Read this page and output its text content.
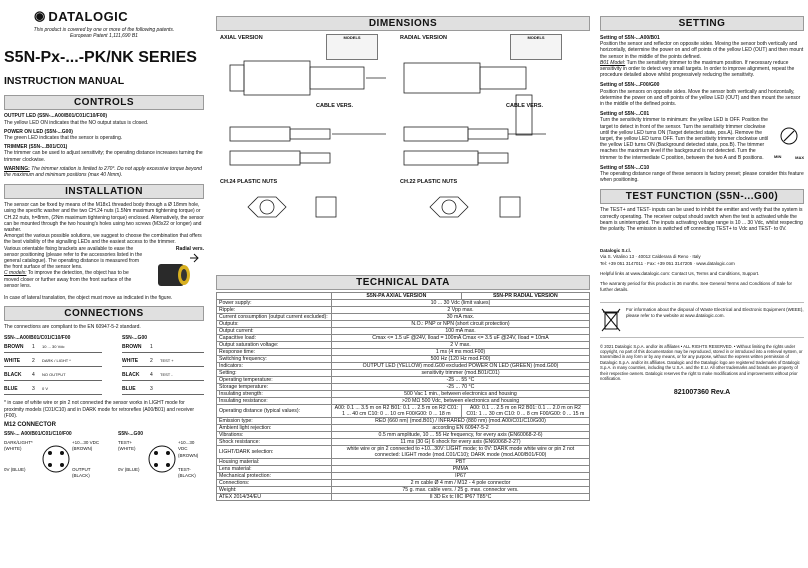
◉ DATALOGIC

This product is covered by one or more of the following patents.

European Patent 1,111,690 B1

S5N-Px-...-PK/NK SERIES
INSTRUCTION MANUAL
CONTROLS

OUTPUT LED (S5N-...A00/B01/C01/C10/F00)

The yellow LED ON indicates that the NO output status is closed.

POWER ON LED (S5N-...G00)

The green LED indicates that the sensor is operating.

TRIMMER (S5N-...B01/C01)

The trimmer can be used to adjust sensitivity; the operating distance increases turning the trimmer clockwise.

WARNING: The trimmer rotation is limited to 270°. Do not apply excessive torque beyond the maximum and minimum positions (max 40 Nmm).

INSTALLATION

The sensor can be fixed by means of the M18x1 threaded body through a Ø 18mm hole, using the specific washer and the two CH.24 nuts (1.5Nm maximum tightening torque) or CH.22 nuts, h=8mm, (2Nm maximum tightening torque) enclosed. Alternatively, the sensor can be mounted through the two housing's holes using two screws (M3x22 or longer) and washer.

Amongst the various possible solutions, we suggest to choose the combination that offers the best visibility of the signalling LEDs and the easiest access to the trimmer.

Various orientable fixing brackets are available to ease the sensor positioning (please refer to the accessories listed in the general catalogue). The operating distance is measured from the front surface of the sensor lens.

C models: To improve the detection, the object has to be moved closer or further away from the front surface of the sensor lens.

Radial vers.

In case of lateral translation, the object must move as indicated in the figure.

CONNECTIONS

The connections are compliant to the EN 60947-5-2 standard.

S5N-...A00/B01/C01/C10/F00
BROWN	1	10 ... 30 Vdc
WHITE	2	DARK / LIGHT *
BLACK	4	NO OUTPUT
BLUE	3	0 V
S5N-...G00
BROWN	1
WHITE	2	TEST +
BLACK	4	TEST -
BLUE	3

* in case of white wire or pin 2 not connected the sensor works in LIGHT mode for proximity models (C01/C10) and in DARK mode for retroreflex (A00/B01) and receiver (F00).

M12 CONNECTOR
S5N-... A00/B01/C01/C10/F00
DARK/LIGHT* (WHITE)
+10...30 VDC (BROWN)
0V (BLUE)	OUTPUT (BLACK)
S5N-...G00
TEST+ (WHITE)
+10...30 VDC (BROWN)
0V (BLUE)	TEST- (BLACK)
DIMENSIONS
AXIAL VERSION	RADIAL VERSION
MODELS	MODELS
CABLE VERS.	CABLE VERS.
CH.24 PLASTIC NUTS	CH.22 PLASTIC NUTS
TECHNICAL DATA
	S5N-PA AXIAL VERSION	S5N-PR RADIAL VERSION
Power supply:	10 ... 30 Vdc (limit values)	
Ripple:	2 Vpp max.	
Current consumption (output current excluded):	30 mA max.	
Outputs:	N.O.: PNP or NPN (short circuit protection)	
Output current:	100 mA max.	
Capacitive load:	Cmax <= 1.5 uF @24V, Iload = 100mA Cmax <= 3.5 uF @24V, Iload = 10mA	
Output saturation voltage:	2 V max.	
Response time:	1 ms (4 ms mod.F00)	
Switching frequency:	500 Hz (120 Hz mod.F00)	
Indicators:	OUTPUT LED (YELLOW) mod.G00 excluded POWER ON LED (GREEN) (mod.G00)	
Setting:	sensitivity trimmer (mod.B01/C01)	
Operating temperature:	-25 ... 55 °C	
Storage temperature:	-25 ... 70 °C	
Insulating strength:	500 Vac 1 min., between electronics and housing	
Insulating resistance:	>20 MΩ 500 Vdc, between electronics and housing	
Operating distance (typical values):	A00: 0.1 ... 3.5 m on R2 B01: 0.1 ... 2.5 m on R2 C01: 1 ... 40 cm C10: 0 ... 10 cm F00/G00: 0 ... 18 m	A00: 0.1 ... 2.5 m on R2 B01: 0.1 ... 2.0 m on R2 C01: 1 ... 30 cm C10: 0 ... 8 cm F00/G00: 0 ... 15 m
Emission type:	RED (660 nm) (mod.B01) / INFRARED (880 nm) (mod.A00/C01/C10/G00)	
Ambient light rejection:	according EN 60947-5-2	
Vibrations:	0.5 mm amplitude, 10 ... 55 Hz frequency, for every axis (EN60068-2-6)	
Shock resistance:	11 ms (30 G) 6 shock for every axis (EN60068-2-27)	
LIGHT/DARK selection:	white wire or pin 2 connected to +10...30V: LIGHT mode; to 0V: DARK mode white wire or pin 2 not connected: LIGHT mode (mod.C01/C10); DARK mode (mod.A00/B01/F00)	
Housing material:	PBT	
Lens material:	PMMA	
Mechanical protection:	IP67	
Connections:	2 m cable Ø 4 mm / M12 - 4 pole connector	
Weight:	75 g. max. cable vers. / 25 g. max. connector vers.	
ATEX 2014/34/EU	II 3D Ex tc IIIC IP67 T85°C	
SETTING

Setting of S5N-...A00/B01

Position the sensor and reflector on opposite sides. Moving the sensor both vertically and horizontally, determine the power on and off points of the yellow LED (OUT) and then mount the sensor in the middle of the points defined.

B01 Model: Turn the sensitivity trimmer to the maximum position. If necessary reduce sensitivity in order to detect very small targets. In order to improve alignment, repeat the procedure detailed above whilst progressively reducing the sensitivity.

Setting of S5N-...F00/G00

Position the sensors on opposite sides. Move the sensor both vertically and horizontally, determine the power on and off points of the yellow LED (OUT) and then mount the sensor in the middle of the defined points.

Setting of S5N-...C01

Turn the sensitivity trimmer to minimum: the yellow LED is OFF. Position the target to detect in front of the sensor. Turn the sensitivity trimmer clockwise until the yellow LED turns ON (Target detected state, pos.A). Remove the target, the yellow LED turns OFF. Turn the sensitivity trimmer clockwise until the yellow LED turns ON (Background detected state, pos.B). The trimmer reaches the maximum level if the background is not detected. Turn the trimmer to the intermediate C position, between the two A and B positions.	MIN	MAX

Setting of S5N-...C10

The operating distance range of these sensors is factory preset; please consider this feature when positioning.

TEST FUNCTION (S5N-...G00)

The TEST+ and TEST- inputs can be used to inhibit the emitter and verify that the system is correctly operating. The receiver output should switch when the test is activated while the beam is uninterrupted. The inputs activating voltage range is 10 ... 30 Vdc, whilst respecting the polarity. The emission is switched off connecting TEST+ to Vdc and TEST- to 0V.

Datalogic S.r.l.

Via S. Vitalino 13 · 40012 Calderara di Reno · Italy

Tel: +39 051 3147011 · Fax: +39 051 3147205 · www.datalogic.com

Helpful links at www.datalogic.com: Contact Us, Terms and Conditions, Support.

The warranty period for this product is 36 months. See General Terms and Conditions of Sale for further details.

For information about the disposal of Waste Electrical and Electronic Equipment (WEEE), please refer to the website at www.datalogic.com.

© 2021 Datalogic S.p.A. and/or its affiliates • ALL RIGHTS RESERVED. • Without limiting the rights under copyright, no part of this documentation may be reproduced, stored in or introduced into a retrieval system, or transmitted in any form or by any means, or for any purpose, without the express written permission of Datalogic S.p.A. and/or its affiliates. Datalogic and the Datalogic logo are registered trademarks of Datalogic S.p.A. in many countries, including the U.S.A. and the E.U. All other trademarks and brands are property of their respective owners. Datalogic reserves the right to make modifications and improvements without prior notification.

821007360 Rev.A
